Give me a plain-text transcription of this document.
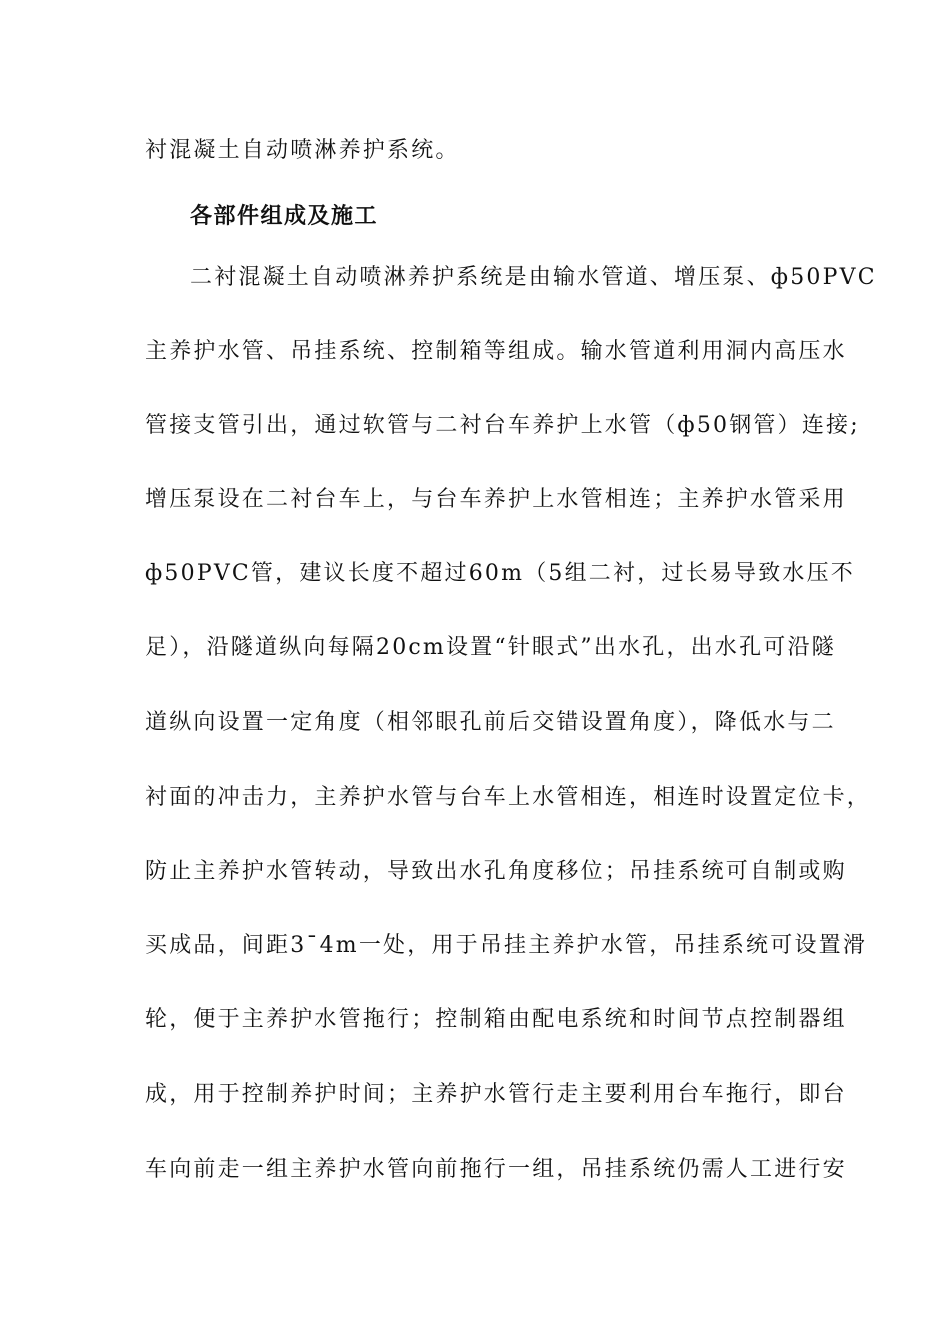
衬混凝土自动喷淋养护系统。
各部件组成及施工
二衬混凝土自动喷淋养护系统是由输水管道、增压泵、ф50PVC
主养护水管、吊挂系统、控制箱等组成。输水管道利用洞内高压水
管接支管引出，通过软管与二衬台车养护上水管（ф50钢管）连接;
增压泵设在二衬台车上，与台车养护上水管相连；主养护水管采用
ф50PVC管，建议长度不超过60m（5组二衬，过长易导致水压不
足），沿隧道纵向每隔20cm设置“针眼式”出水孔，出水孔可沿隧
道纵向设置一定角度（相邻眼孔前后交错设置角度），降低水与二
衬面的冲击力，主养护水管与台车上水管相连，相连时设置定位卡，
防止主养护水管转动，导致出水孔角度移位；吊挂系统可自制或购
买成品，间距3¯4m一处，用于吊挂主养护水管，吊挂系统可设置滑
轮，便于主养护水管拖行；控制箱由配电系统和时间节点控制器组
成，用于控制养护时间；主养护水管行走主要利用台车拖行，即台
车向前走一组主养护水管向前拖行一组，吊挂系统仍需人工进行安
